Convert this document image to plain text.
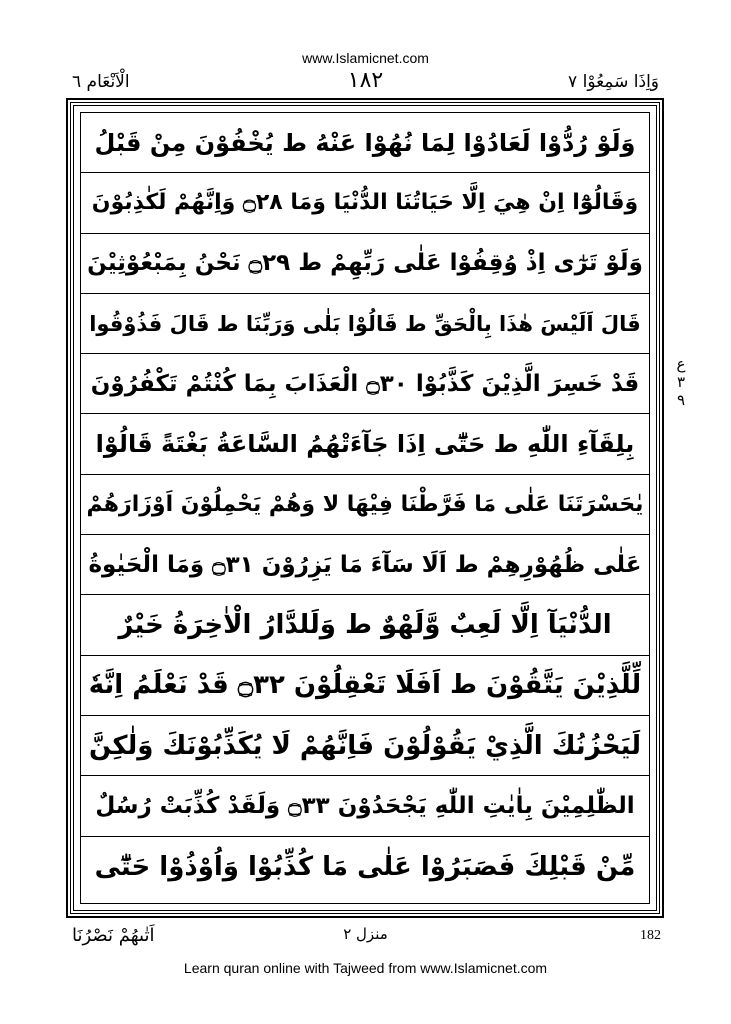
www.Islamicnet.com
الْاَنْعَام ٦	١٨٢	وَاِذَا سَمِعُوْا ٧
وَلَوْ رُدُّوْا لَعَادُوْا لِمَا نُهُوْا عَنْهُ ط يُخْفُوْنَ مِنْ قَبْلُ
وَقَالُوْٓا اِنْ هِيَ اِلَّا حَيَاتُنَا الدُّنْيَا وَمَا ۝٢٨ وَاِنَّهُمْ لَكٰذِبُوْنَ
وَلَوْ تَرٰٓى اِذْ وُقِفُوْا عَلٰى رَبِّهِمْ ط ۝٢٩ نَحْنُ بِمَبْعُوْثِيْنَ
قَالَ اَلَيْسَ هٰذَا بِالْحَقِّ ط قَالُوْا بَلٰى وَرَبِّنَا ط قَالَ فَذُوْقُوا
قَدْ خَسِرَ الَّذِيْنَ كَذَّبُوْا ۝٣٠ الْعَذَابَ بِمَا كُنْتُمْ تَكْفُرُوْنَ
بِلِقَآءِ اللّٰهِ ط حَتّٰٓى اِذَا جَآءَتْهُمُ السَّاعَةُ بَغْتَةً قَالُوْا
يٰحَسْرَتَنَا عَلٰى مَا فَرَّطْنَا فِيْهَا لا وَهُمْ يَحْمِلُوْنَ اَوْزَارَهُمْ
عَلٰى ظُهُوْرِهِمْ ط اَلَا سَآءَ مَا يَزِرُوْنَ ۝٣١ وَمَا الْحَيٰوةُ
الدُّنْيَآ اِلَّا لَعِبٌ وَّلَهْوٌ ط وَلَلدَّارُ الْاٰخِرَةُ خَيْرٌ
لِّلَّذِيْنَ يَتَّقُوْنَ ط اَفَلَا تَعْقِلُوْنَ ۝٣٢ قَدْ نَعْلَمُ اِنَّهٗ
لَيَحْزُنُكَ الَّذِيْ يَقُوْلُوْنَ فَاِنَّهُمْ لَا يُكَذِّبُوْنَكَ وَلٰكِنَّ
الظّٰلِمِيْنَ بِاٰيٰتِ اللّٰهِ يَجْحَدُوْنَ ۝٣٣ وَلَقَدْ كُذِّبَتْ رُسُلٌ
مِّنْ قَبْلِكَ فَصَبَرُوْا عَلٰى مَا كُذِّبُوْا وَاُوْذُوْا حَتّٰٓى
ع
٣
٩
اَتٰىهُمْ نَصْرُنَا	منزل ٢	182
Learn quran online with Tajweed from www.Islamicnet.com
